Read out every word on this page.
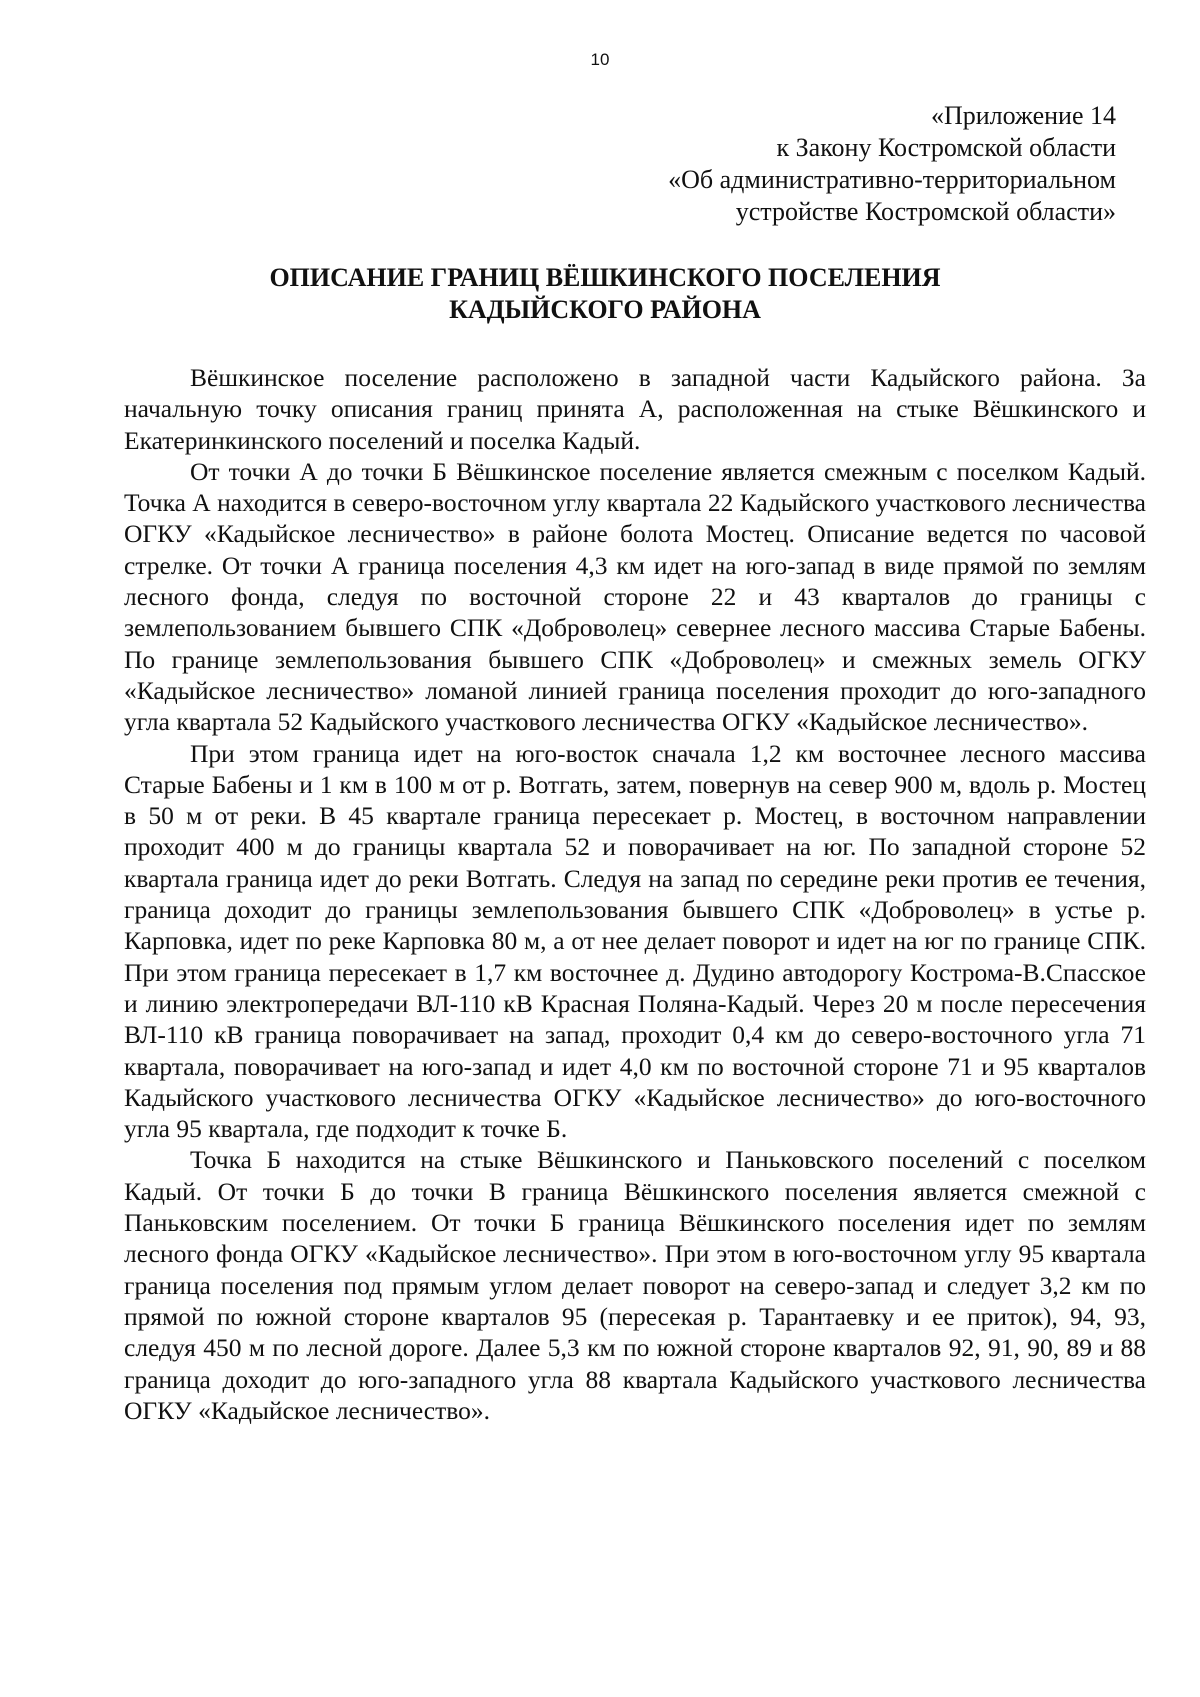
10
«Приложение 14
к Закону Костромской области
«Об административно-территориальном
устройстве Костромской области»
ОПИСАНИЕ ГРАНИЦ ВЁШКИНСКОГО ПОСЕЛЕНИЯ
КАДЫЙСКОГО РАЙОНА

Вёшкинское поселение расположено в западной части Кадыйского района. За начальную точку описания границ принята А, расположенная на стыке Вёшкинского и Екатеринкинского поселений и поселка Кадый.

От точки А до точки Б Вёшкинское поселение является смежным с поселком Кадый. Точка А находится в северо-восточном углу квартала 22 Кадыйского участкового лесничества ОГКУ «Кадыйское лесничество» в районе болота Мостец. Описание ведется по часовой стрелке. От точки А граница поселения 4,3 км идет на юго-запад в виде прямой по землям лесного фонда, следуя по восточной стороне 22 и 43 кварталов до границы с землепользованием бывшего СПК «Доброволец» севернее лесного массива Старые Бабены. По границе землепользования бывшего СПК «Доброволец» и смежных земель ОГКУ «Кадыйское лесничество» ломаной линией граница поселения проходит до юго-западного угла квартала 52 Кадыйского участкового лесничества ОГКУ «Кадыйское лесничество».

При этом граница идет на юго-восток сначала 1,2 км восточнее лесного массива Старые Бабены и 1 км в 100 м от р. Вотгать, затем, повернув на север 900 м, вдоль р. Мостец в 50 м от реки. В 45 квартале граница пересекает р. Мостец, в восточном направлении проходит 400 м до границы квартала 52 и поворачивает на юг. По западной стороне 52 квартала граница идет до реки Вотгать. Следуя на запад по середине реки против ее течения, граница доходит до границы землепользования бывшего СПК «Доброволец» в устье р. Карповка, идет по реке Карповка 80 м, а от нее делает поворот и идет на юг по границе СПК. При этом граница пересекает в 1,7 км восточнее д. Дудино автодорогу Кострома-В.Спасское и линию электропередачи ВЛ-110 кВ Красная Поляна-Кадый. Через 20 м после пересечения ВЛ-110 кВ граница поворачивает на запад, проходит 0,4 км до северо-восточного угла 71 квартала, поворачивает на юго-запад и идет 4,0 км по восточной стороне 71 и 95 кварталов Кадыйского участкового лесничества ОГКУ «Кадыйское лесничество» до юго-восточного угла 95 квартала, где подходит к точке Б.

Точка Б находится на стыке Вёшкинского и Паньковского поселений с поселком Кадый. От точки Б до точки В граница Вёшкинского поселения является смежной с Паньковским поселением. От точки Б граница Вёшкинского поселения идет по землям лесного фонда ОГКУ «Кадыйское лесничество». При этом в юго-восточном углу 95 квартала граница поселения под прямым углом делает поворот на северо-запад и следует 3,2 км по прямой по южной стороне кварталов 95 (пересекая р. Тарантаевку и ее приток), 94, 93, следуя 450 м по лесной дороге. Далее 5,3 км по южной стороне кварталов 92, 91, 90, 89 и 88 граница доходит до юго-западного угла 88 квартала Кадыйского участкового лесничества ОГКУ «Кадыйское лесничество».
